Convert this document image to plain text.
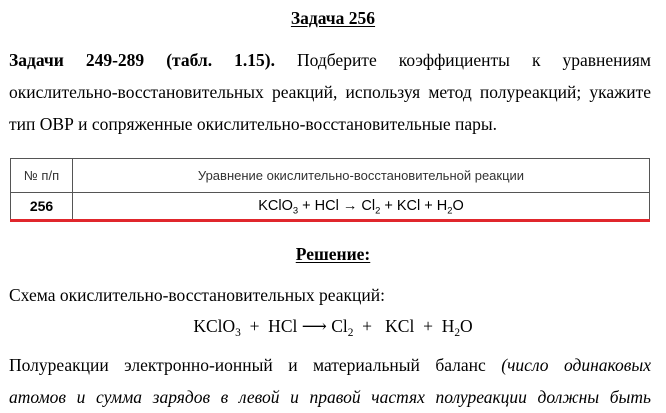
Задача 256
Задачи 249-289 (табл. 1.15). Подберите коэффициенты к уравнениям
окислительно-восстановительных реакций, используя метод полуреакций; укажите
тип ОВР и сопряженные окислительно-восстановительные пары.
№ п/п	Уравнение окислительно-восстановительной реакции
256	KClO$_3$ + HCl → $Cl_2$ + KCl + $H_2O$
Решение:
Схема окислительно-восстановительных реакций:
KClO$_3$  +  HCl ⟶ $Cl_2$  +   KCl  +  $H_2O$
Полуреакции электронно-ионный и материальный баланс (число одинаковых
атомов и сумма зарядов в левой и правой частях полуреакции должны быть
